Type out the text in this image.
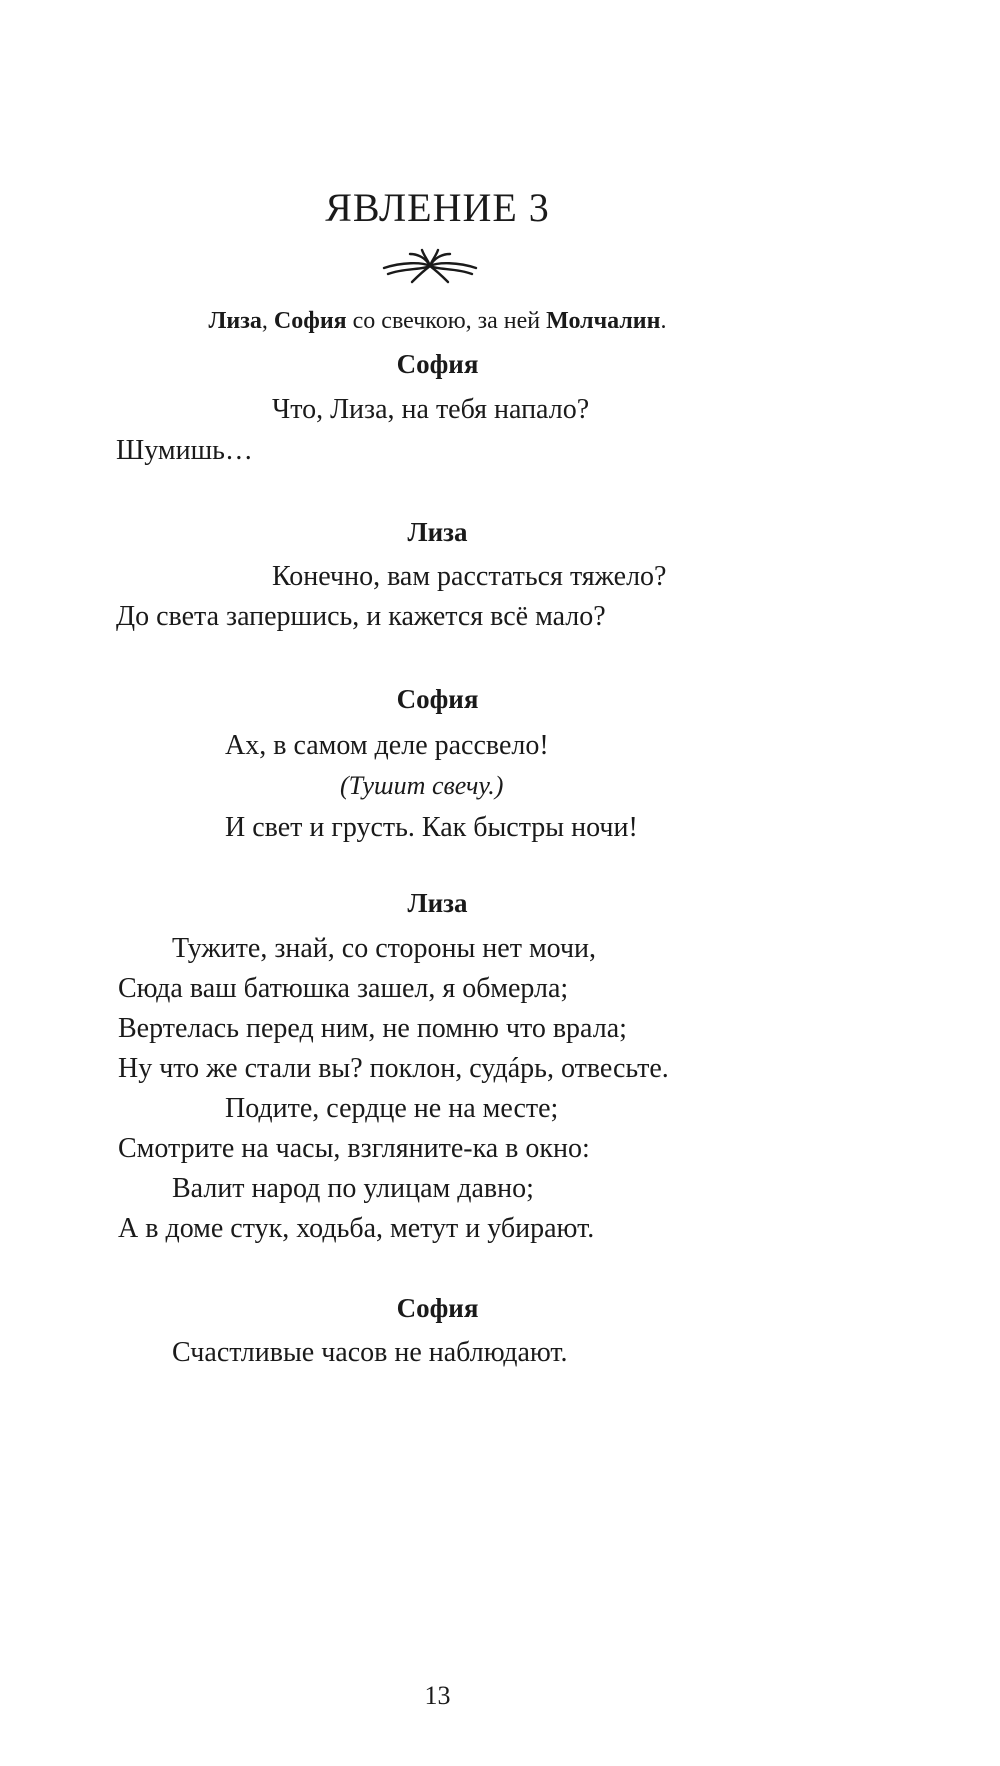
ЯВЛЕНИЕ 3
Лиза, София со свечкою, за ней Молчалин.
София
Что, Лиза, на тебя напало?
Шумишь…
Лиза
Конечно, вам расстаться тяжело?
До света запершись, и кажется всё мало?
София
Ах, в самом деле рассвело!
(Тушит свечу.)
И свет и грусть. Как быстры ночи!
Лиза
Тужите, знай, со стороны нет мочи,
Сюда ваш батюшка зашел, я обмерла;
Вертелась перед ним, не помню что врала;
Ну что же стали вы? поклон, судáрь, отвесьте.
Подите, сердце не на месте;
Смотрите на часы, взгляните-ка в окно:
Валит народ по улицам давно;
А в доме стук, ходьба, метут и убирают.
София
Счастливые часов не наблюдают.
13
